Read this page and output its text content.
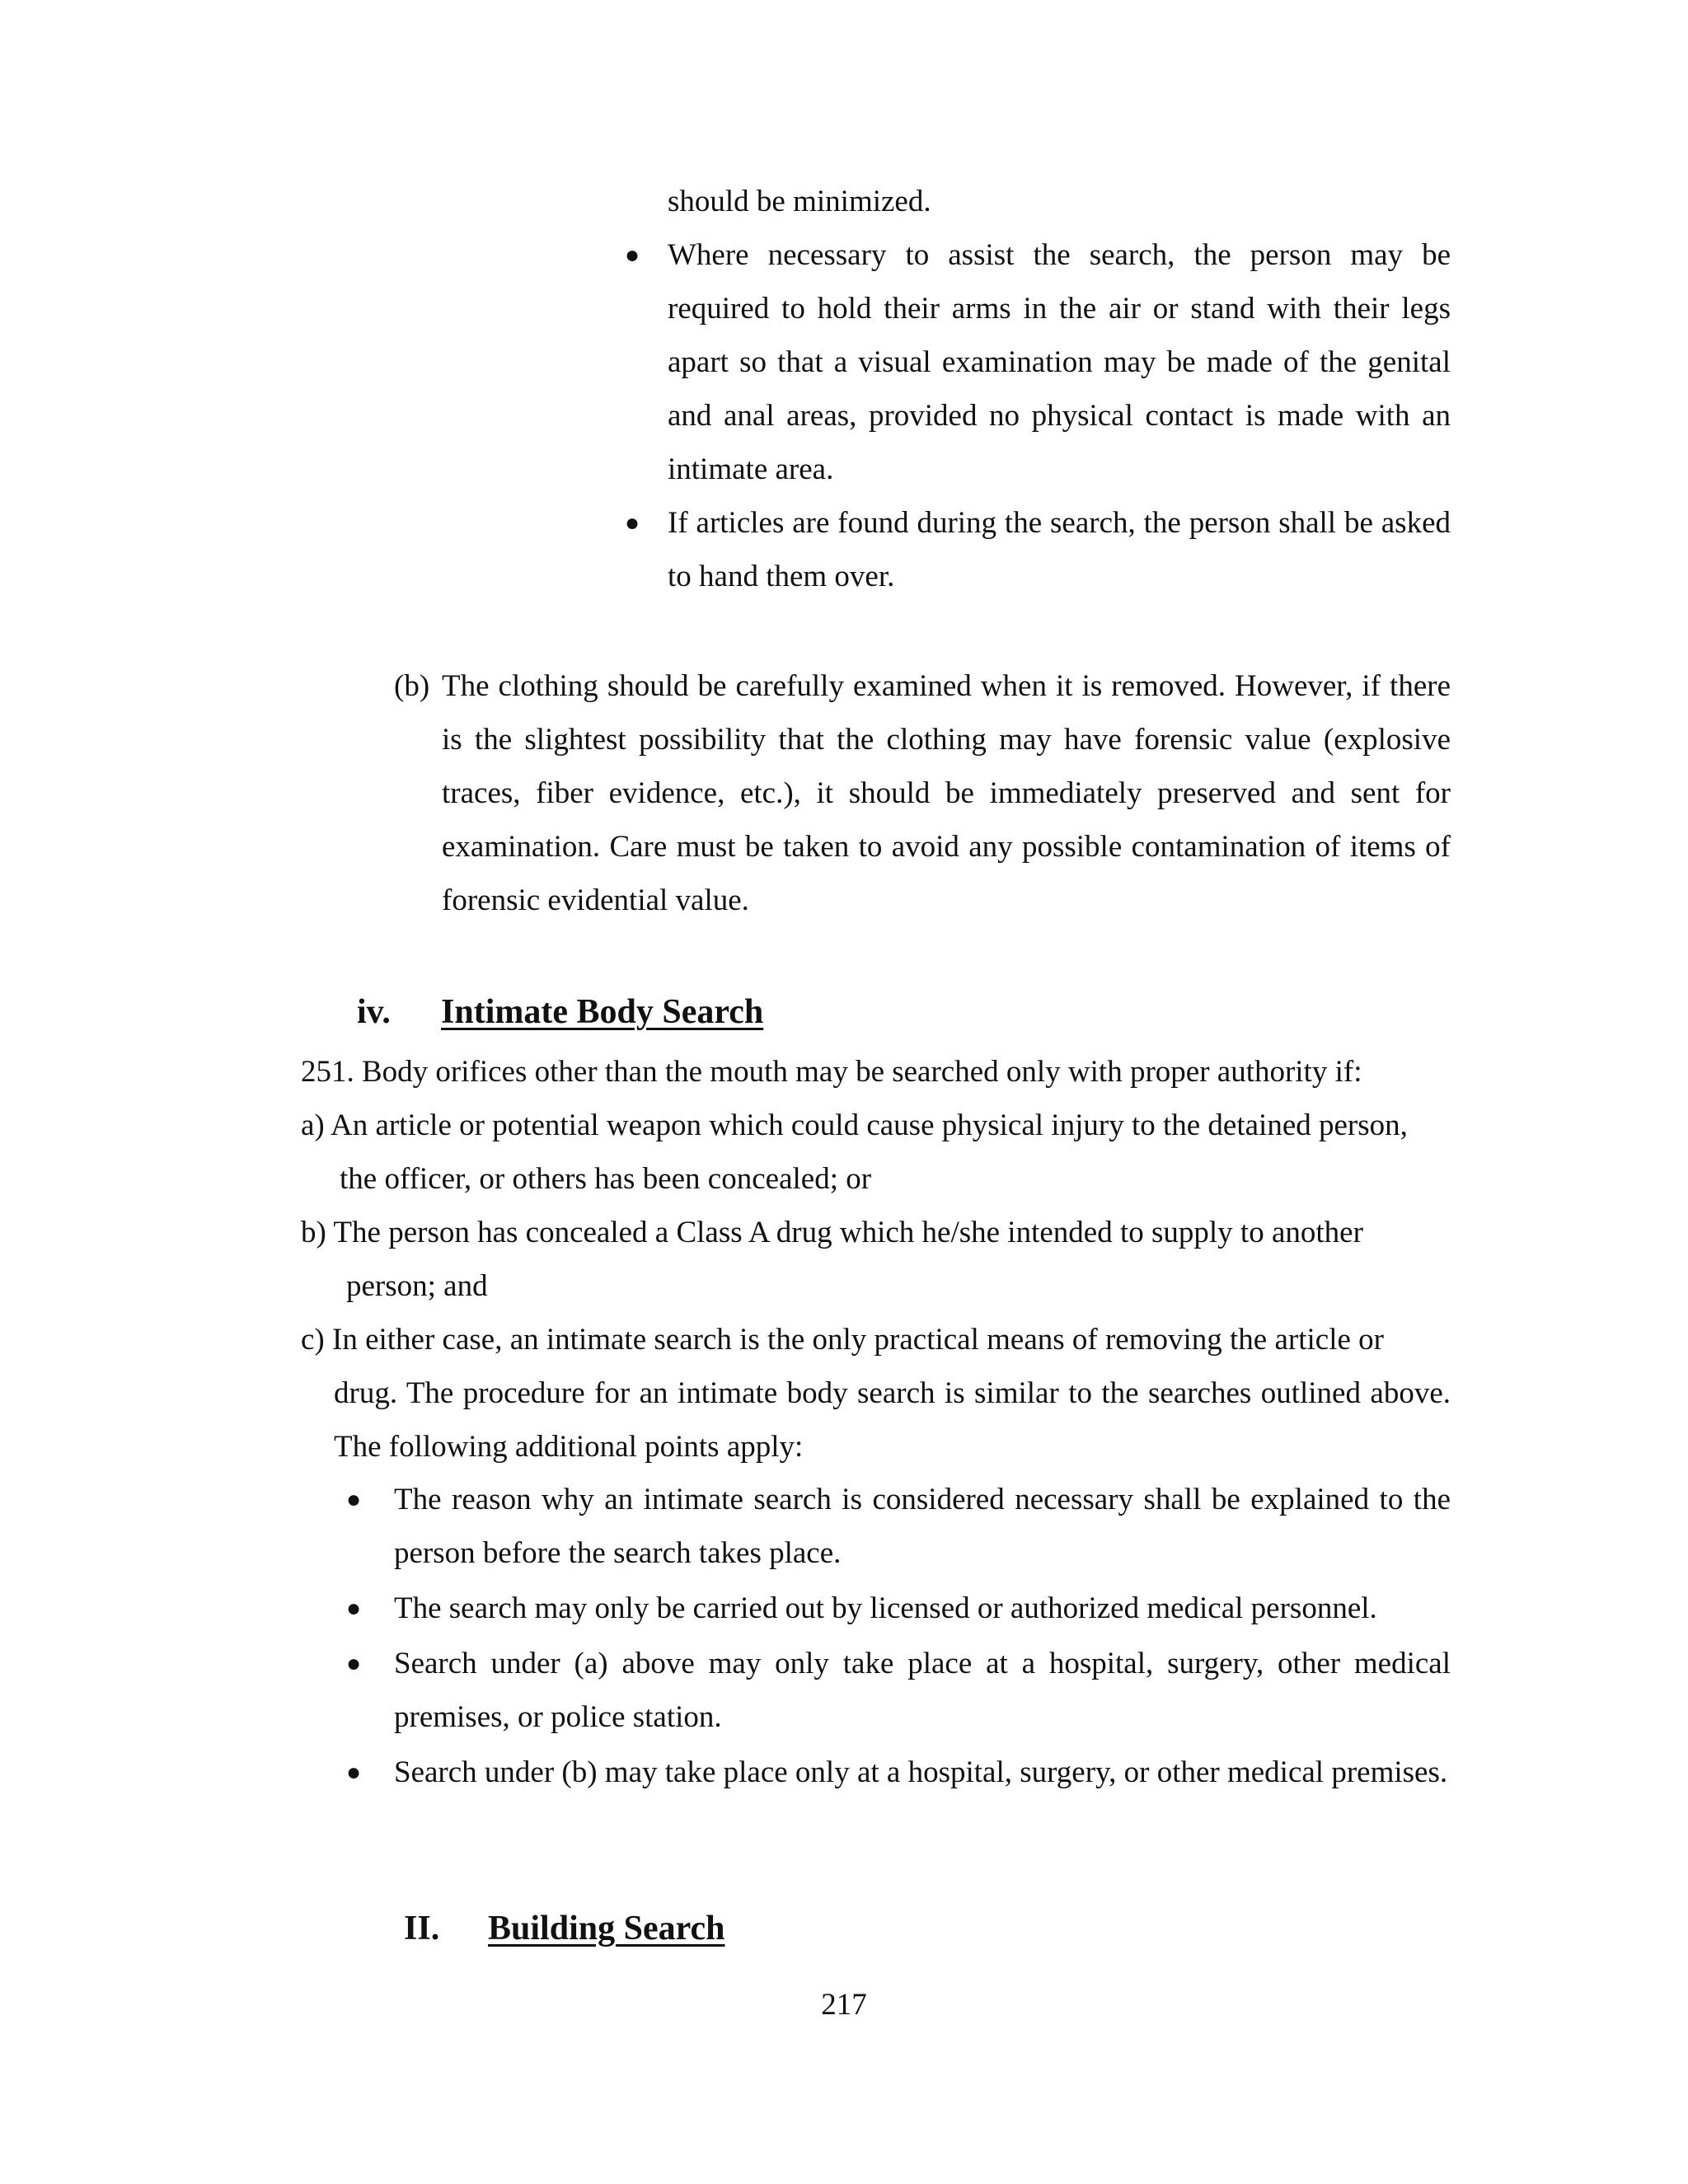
should be minimized.

● Where necessary to assist the search, the person may be required to hold their arms in the air or stand with their legs apart so that a visual examination may be made of the genital and anal areas, provided no physical contact is made with an intimate area.
● If articles are found during the search, the person shall be asked to hand them over.
(b) The clothing should be carefully examined when it is removed. However, if there is the slightest possibility that the clothing may have forensic value (explosive traces, fiber evidence, etc.), it should be immediately preserved and sent for examination. Care must be taken to avoid any possible contamination of items of forensic evidential value.
iv. Intimate Body Search

251. Body orifices other than the mouth may be searched only with proper authority if:

a) An article or potential weapon which could cause physical injury to the detained person,
the officer, or others has been concealed; or
b) The person has concealed a Class A drug which he/she intended to supply to another
person; and
c) In either case, an intimate search is the only practical means of removing the article or
drug. The procedure for an intimate body search is similar to the searches outlined above. The following additional points apply:
●	The reason why an intimate search is considered necessary shall be explained to the person before the search takes place.
●	The search may only be carried out by licensed or authorized medical personnel.
●	Search under (a) above may only take place at a hospital, surgery, other medical premises, or police station.
●	Search under (b) may take place only at a hospital, surgery, or other medical premises.
II. Building Search

217
